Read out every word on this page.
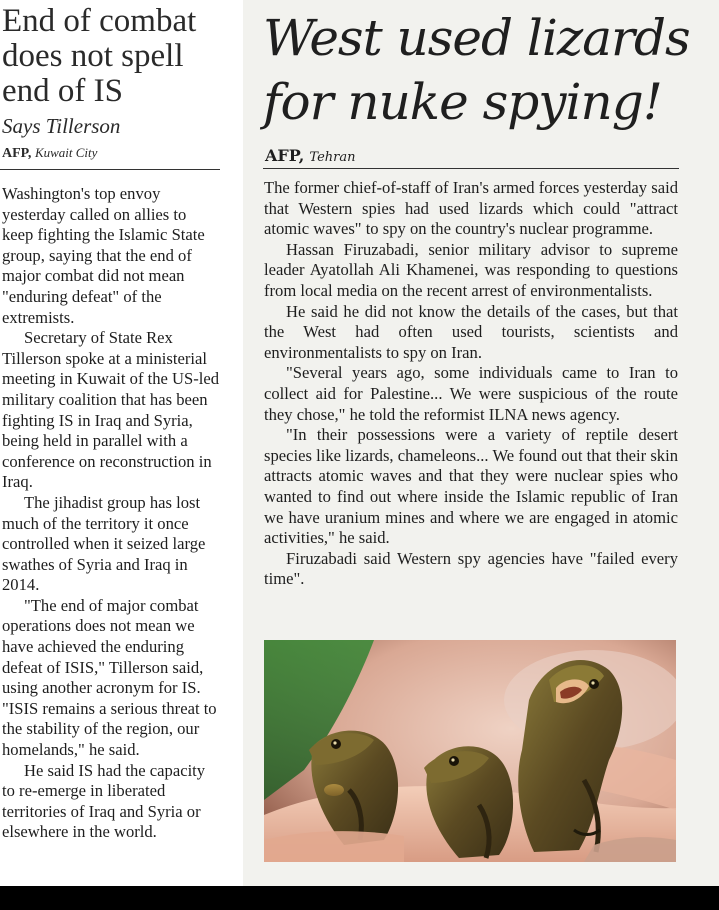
End of combat does not spell end of IS
Says Tillerson
AFP, Kuwait City

Washington's top envoy yesterday called on allies to keep fighting the Islamic State group, saying that the end of major combat did not mean "enduring defeat" of the extremists.

Secretary of State Rex Tillerson spoke at a ministerial meeting in Kuwait of the US-led military coalition that has been fighting IS in Iraq and Syria, being held in parallel with a conference on reconstruction in Iraq.

The jihadist group has lost much of the territory it once controlled when it seized large swathes of Syria and Iraq in 2014.

"The end of major combat operations does not mean we have achieved the enduring defeat of ISIS," Tillerson said, using another acronym for IS. "ISIS remains a serious threat to the stability of the region, our homelands," he said.

He said IS had the capacity to re-emerge in liberated territories of Iraq and Syria or elsewhere in the world.

West used lizards for nuke spying!
AFP, Tehran

The former chief-of-staff of Iran's armed forces yesterday said that Western spies had used lizards which could "attract atomic waves" to spy on the country's nuclear programme.

Hassan Firuzabadi, senior military advisor to supreme leader Ayatollah Ali Khamenei, was responding to questions from local media on the recent arrest of environmentalists.

He said he did not know the details of the cases, but that the West had often used tourists, scientists and environmentalists to spy on Iran.

"Several years ago, some individuals came to Iran to collect aid for Palestine... We were suspicious of the route they chose," he told the reformist ILNA news agency.

"In their possessions were a variety of reptile desert species like lizards, chameleons... We found out that their skin attracts atomic waves and that they were nuclear spies who wanted to find out where inside the Islamic republic of Iran we have uranium mines and where we are engaged in atomic activities," he said.

Firuzabadi said Western spy agencies have "failed every time".
